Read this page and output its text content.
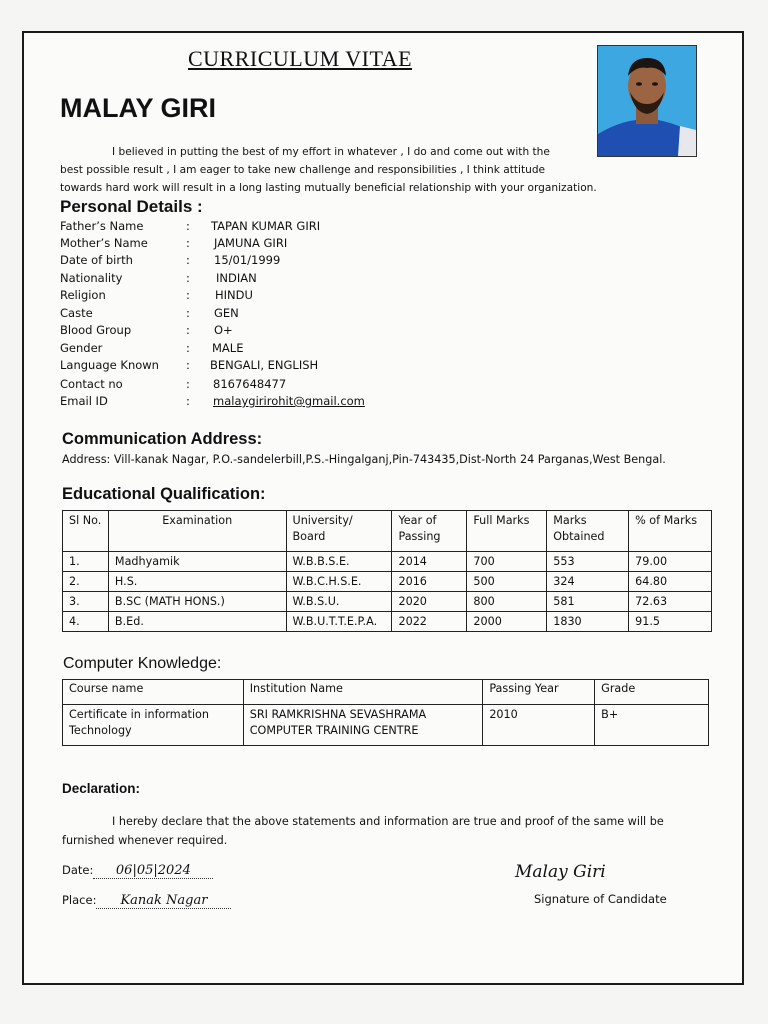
CURRICULUM VITAE
MALAY GIRI

I believed in putting the best of my effort in whatever , I do and come out with the

best possible result , I am eager to take new challenge and responsibilities , I think attitude

towards hard work will result in a long lasting mutually beneficial relationship with your organization.

Personal Details :
Father’s Name	: TAPAN KUMAR GIRI
Mother’s Name	: JAMUNA GIRI
Date of birth	: 15/01/1999
Nationality	: INDIAN
Religion	: HINDU
Caste	: GEN
Blood Group	: O+
Gender	: MALE
Language Known	: BENGALI, ENGLISH
Contact no	: 8167648477
Email ID	: malaygirirohit@gmail.com
Communication Address:
Address: Vill-kanak Nagar, P.O.-sandelerbill,P.S.-Hingalganj,Pin-743435,Dist-North 24 Parganas,West Bengal.
Educational Qualification:
Sl No.	Examination	University/ Board	Year of Passing	Full Marks	Marks Obtained	% of Marks
1.	Madhyamik	W.B.B.S.E.	2014	700	553	79.00
2.	H.S.	W.B.C.H.S.E.	2016	500	324	64.80
3.	B.SC (MATH HONS.)	W.B.S.U.	2020	800	581	72.63
4.	B.Ed.	W.B.U.T.T.E.P.A.	2022	2000	1830	91.5
Computer Knowledge:
Course name	Institution Name	Passing Year	Grade
Certificate in information Technology	SRI RAMKRISHNA SEVASHRAMA COMPUTER TRAINING CENTRE	2010	B+
Declaration:

I hereby declare that the above statements and information are true and proof of the same will be furnished whenever required.

Date: 06|05|2024
Place: Kanak Nagar
Malay Giri
Signature of Candidate
